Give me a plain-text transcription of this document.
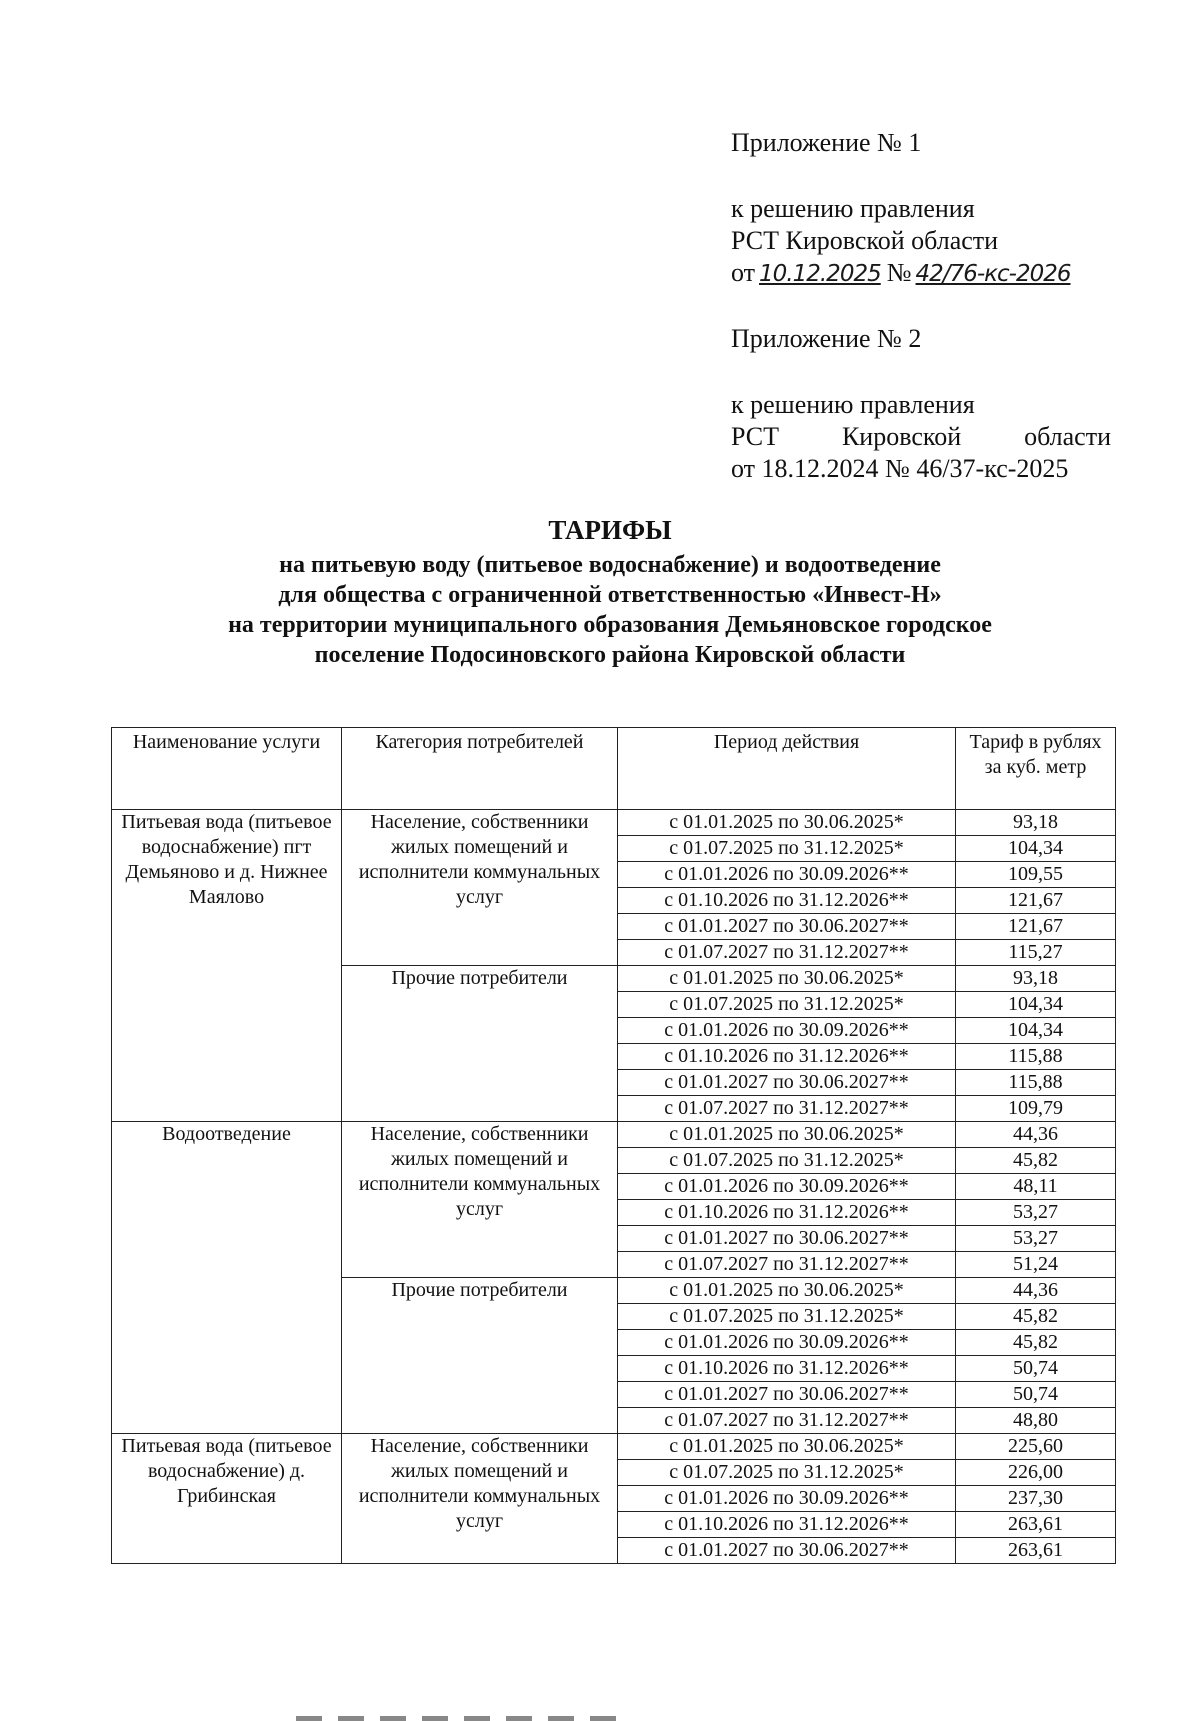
Приложение № 1

к решению правления

РСТ Кировской области

от 10.12.2025 № 42/76-кс-2026

Приложение № 2

к решению правления

РСТ Кировской области

от 18.12.2024 № 46/37-кс-2025

ТАРИФЫ

на питьевую воду (питьевое водоснабжение) и водоотведение

для общества с ограниченной ответственностью «Инвест-Н»

на территории муниципального образования Демьяновское городское

поселение Подосиновского района Кировской области

Наименование услуги	Категория потребителей	Период действия	Тариф в рублях за куб. метр
Питьевая вода (питьевое водоснабжение) пгт Демьяново и д. Нижнее Маялово	Население, собственники жилых помещений и исполнители коммунальных услуг	с 01.01.2025 по 30.06.2025*	93,18
		с 01.07.2025 по 31.12.2025*	104,34
		с 01.01.2026 по 30.09.2026**	109,55
		с 01.10.2026 по 31.12.2026**	121,67
		с 01.01.2027 по 30.06.2027**	121,67
		с 01.07.2027 по 31.12.2027**	115,27
	Прочие потребители	с 01.01.2025 по 30.06.2025*	93,18
		с 01.07.2025 по 31.12.2025*	104,34
		с 01.01.2026 по 30.09.2026**	104,34
		с 01.10.2026 по 31.12.2026**	115,88
		с 01.01.2027 по 30.06.2027**	115,88
		с 01.07.2027 по 31.12.2027**	109,79
Водоотведение	Население, собственники жилых помещений и исполнители коммунальных услуг	с 01.01.2025 по 30.06.2025*	44,36
		с 01.07.2025 по 31.12.2025*	45,82
		с 01.01.2026 по 30.09.2026**	48,11
		с 01.10.2026 по 31.12.2026**	53,27
		с 01.01.2027 по 30.06.2027**	53,27
		с 01.07.2027 по 31.12.2027**	51,24
	Прочие потребители	с 01.01.2025 по 30.06.2025*	44,36
		с 01.07.2025 по 31.12.2025*	45,82
		с 01.01.2026 по 30.09.2026**	45,82
		с 01.10.2026 по 31.12.2026**	50,74
		с 01.01.2027 по 30.06.2027**	50,74
		с 01.07.2027 по 31.12.2027**	48,80
Питьевая вода (питьевое водоснабжение) д. Грибинская	Население, собственники жилых помещений и исполнители коммунальных услуг	с 01.01.2025 по 30.06.2025*	225,60
		с 01.07.2025 по 31.12.2025*	226,00
		с 01.01.2026 по 30.09.2026**	237,30
		с 01.10.2026 по 31.12.2026**	263,61
		с 01.01.2027 по 30.06.2027**	263,61
